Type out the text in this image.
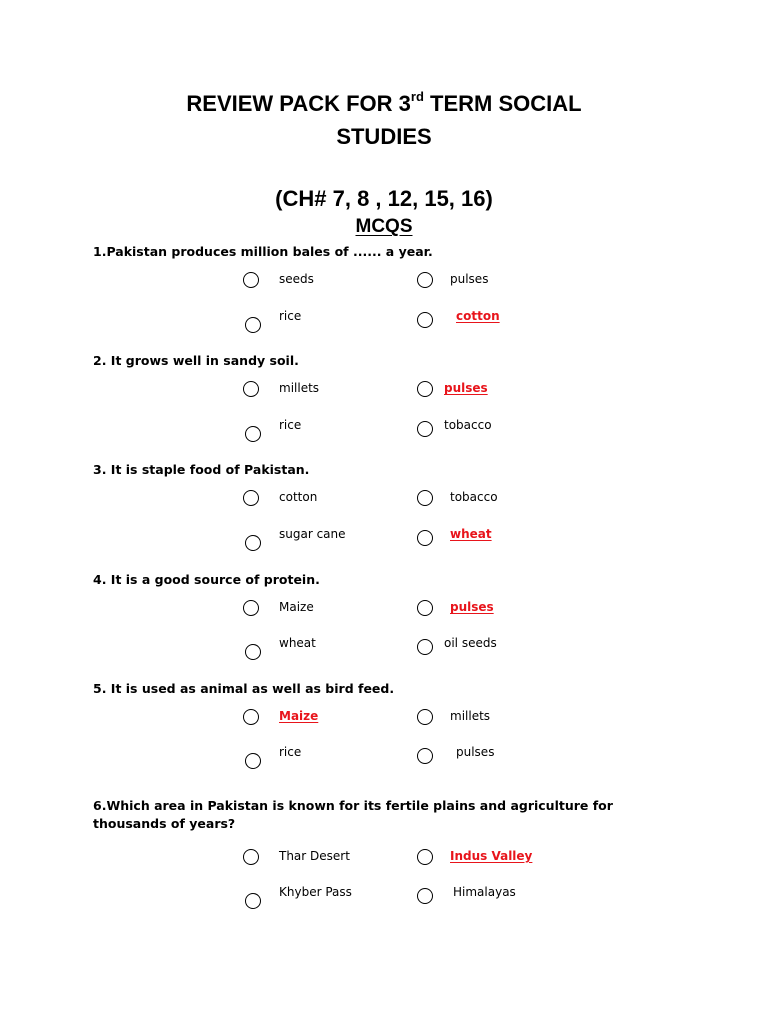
REVIEW PACK FOR 3rd TERM SOCIAL
STUDIES
(CH# 7, 8 , 12, 15, 16)
MCQS

1.Pakistan produces million bales of ...... a year.

seeds	pulses
rice	cotton

2. It grows well in sandy soil.

millets	pulses
rice	tobacco

3. It is staple food of Pakistan.

cotton	tobacco
sugar cane	wheat

4. It is a good source of protein.

Maize	pulses
wheat	oil seeds

5. It is used as animal as well as bird feed.

Maize	millets
rice	pulses

6.Which area in Pakistan is known for its fertile plains and agriculture for thousands of years?

Thar Desert	Indus Valley
Khyber Pass	Himalayas
